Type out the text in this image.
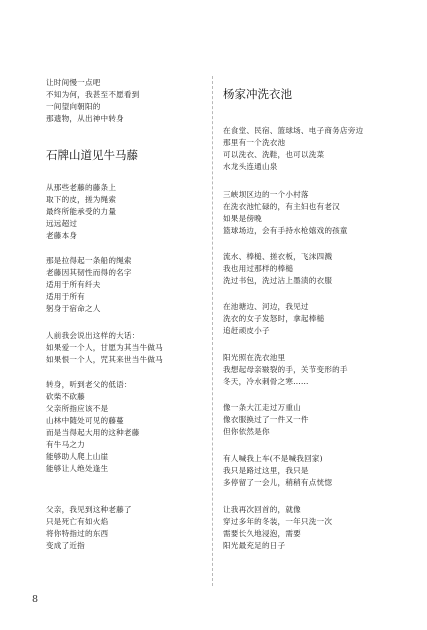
让时间慢一点吧
不知为何，我甚至不愿看到
一间望向朝阳的
那遗物，从出神中转身
石牌山道见牛马藤
从那些老藤的藤条上
取下的皮，搓为绳索
最终所能承受的力量
远远超过
老藤本身
那是拉得起一条船的绳索
老藤因其韧性而得的名字
适用于所有纤夫
适用于所有
躬身于宿命之人
人前我会说出这样的大话：
如果爱一个人，甘愿为其当牛做马
如果恨一个人，咒其来世当牛做马
转身，听到老父的低语：
砍柴不砍藤
父亲所指应该不是
山林中随处可见的藤蔓
而是当得起大用的这种老藤
有牛马之力
能够助人爬上山崖
能够让人绝处逢生
父亲，我见到这种老藤了
只是死亡有如火焰
将你特指过的东西
变成了近指
杨家冲洗衣池
在食堂、民宿、篮球场、电子商务店旁边
那里有一个洗衣池
可以洗衣、洗鞋，也可以洗菜
水龙头连通山泉
三峡坝区边的一个小村落
在洗衣池忙碌的，有主妇也有老汉
如果是傍晚
篮球场边，会有手持水枪嬉戏的孩童
流水、棒槌、搓衣板，飞沫四溅
我也用过那样的棒槌
洗过书包，洗过沾上墨渍的衣服
在池塘边、河边，我见过
洗衣的女子发怒时，拿起棒槌
追赶顽皮小子
阳光照在洗衣池里
我想起母亲皲裂的手，关节变形的手
冬天，冷水刺骨之寒……
像一条大江走过万重山
像衣服换过了一件又一件
但你依然是你
有人喊我上车(不是喊我回家)
我只是路过这里，我只是
多停留了一会儿，稍稍有点恍惚
让我再次回首的，就像
穿过多年的冬装，一年只洗一次
需要长久地浸泡，需要
阳光最充足的日子
8
